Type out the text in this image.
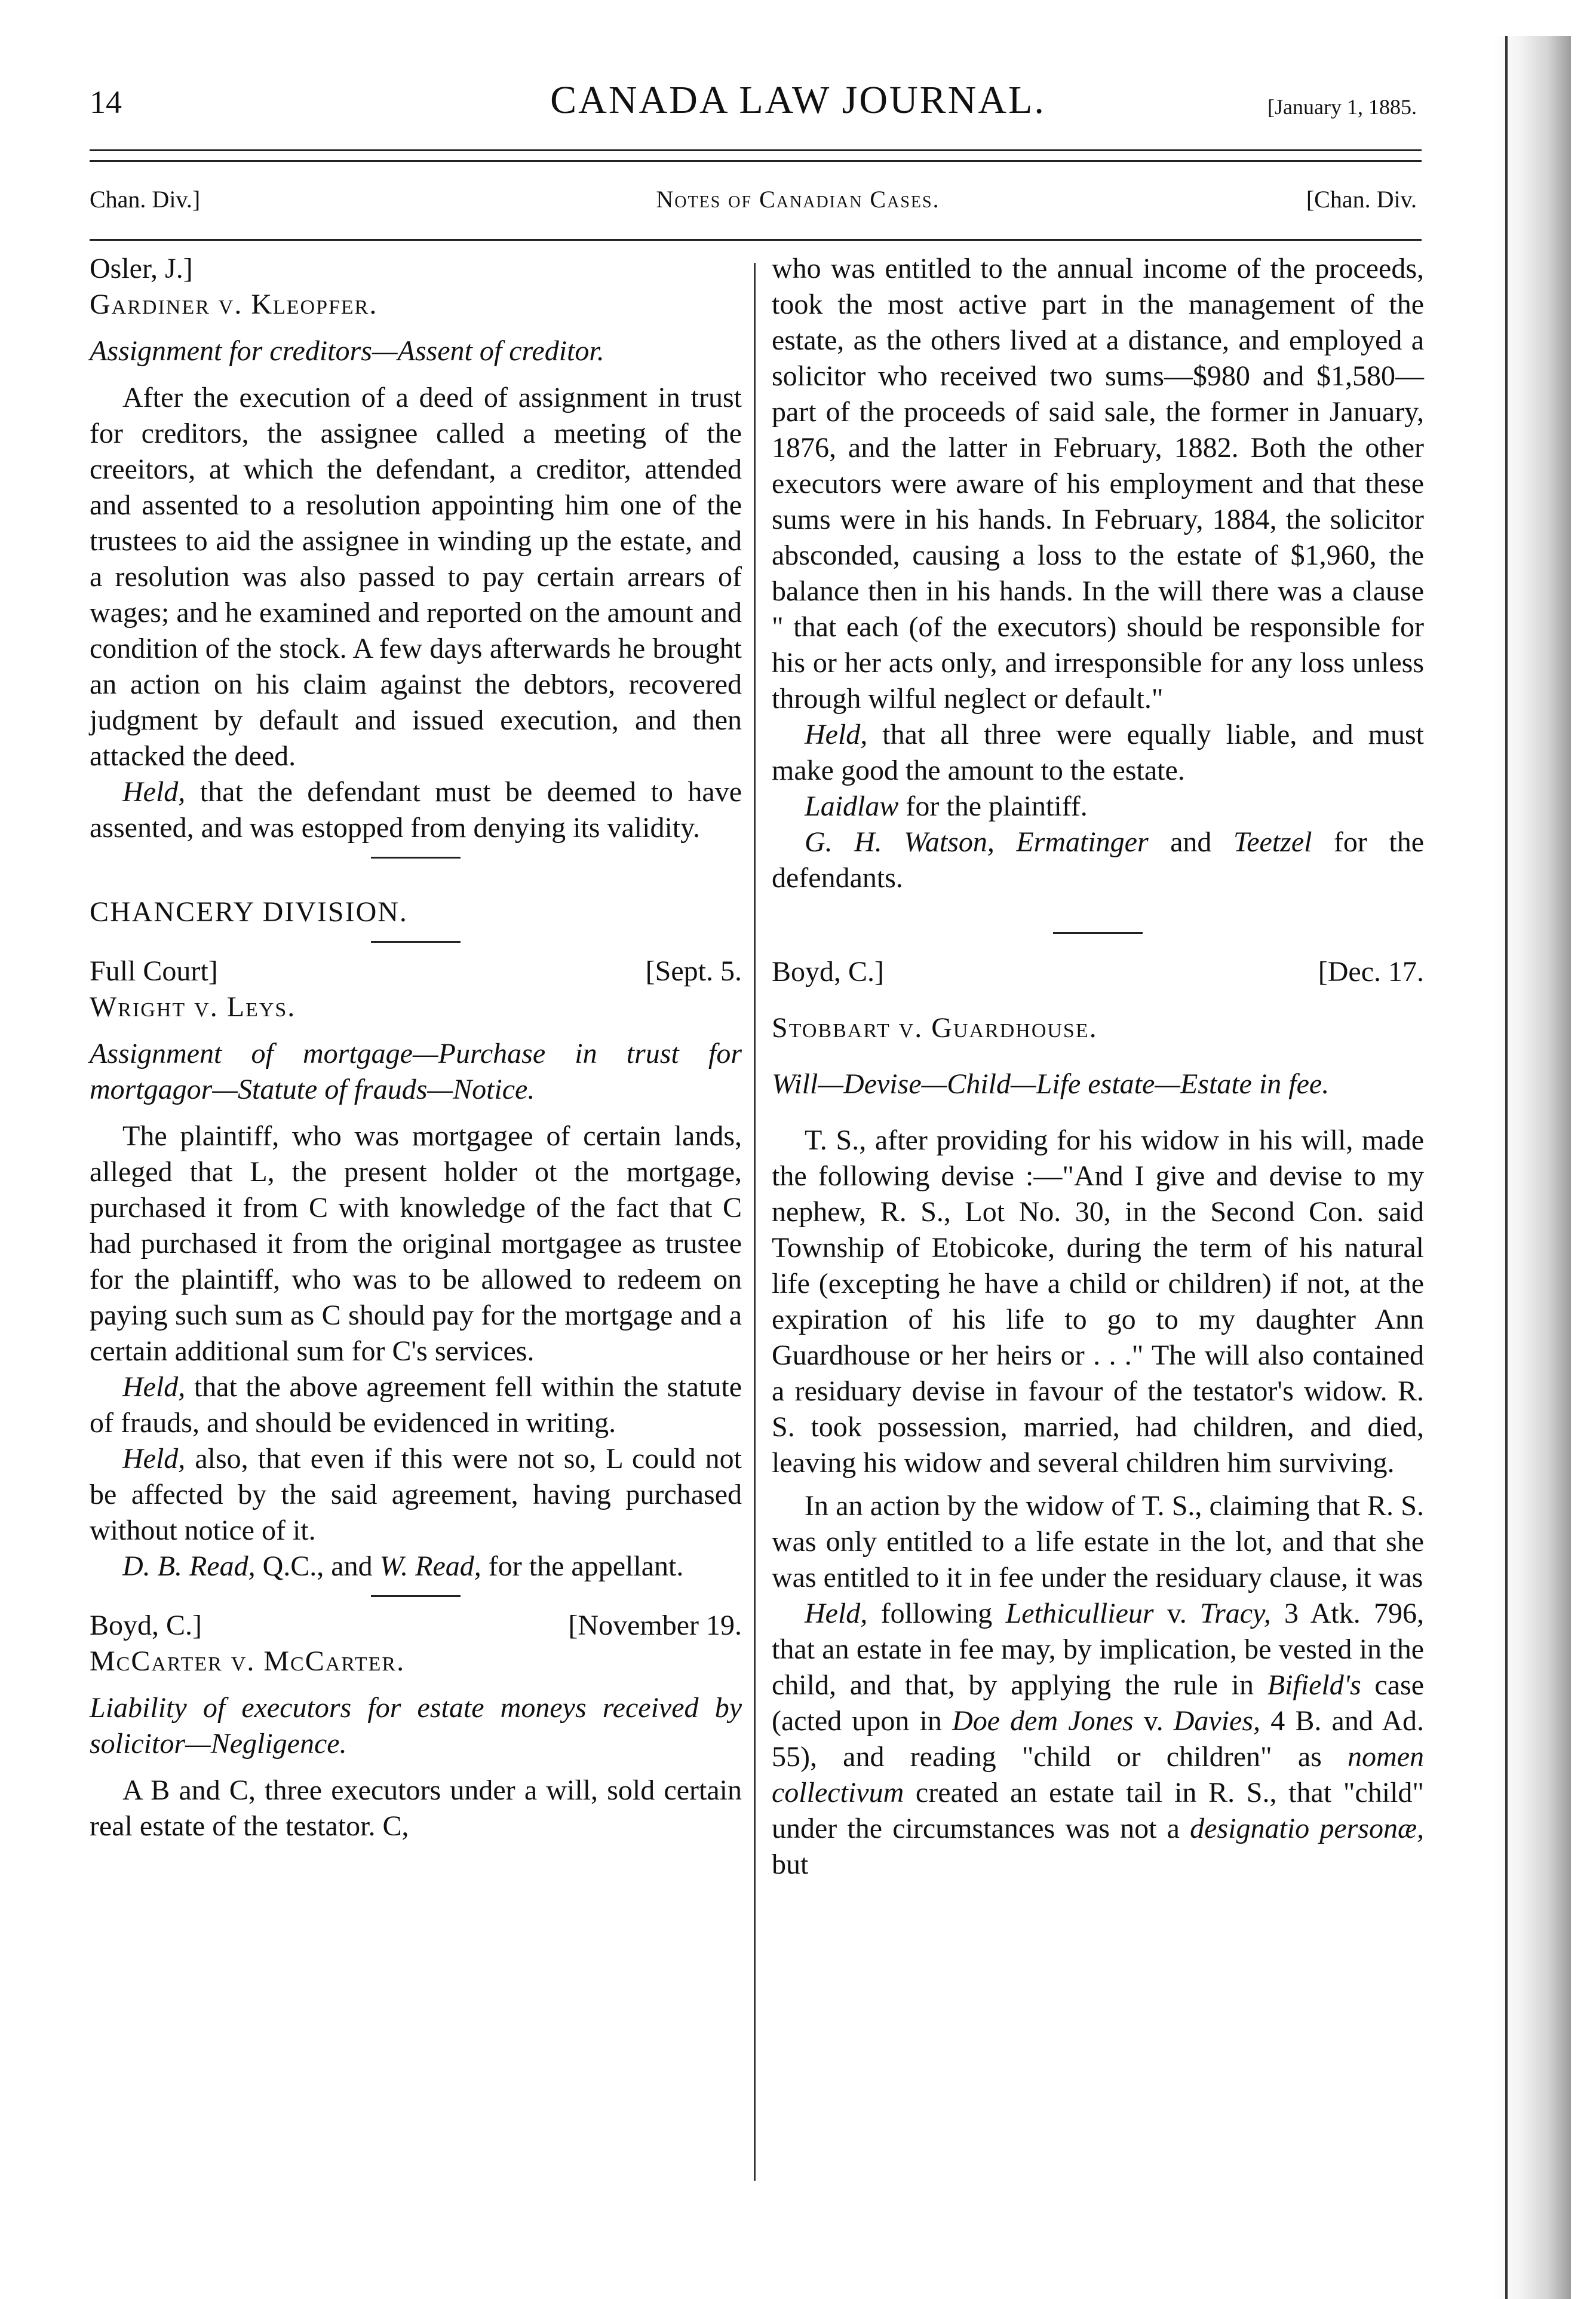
14	CANADA LAW JOURNAL.	[January 1, 1885.
Chan. Div.]	Notes of Canadian Cases.	[Chan. Div.

Osler, J.]

Gardiner v. Kleopfer.

Assignment for creditors—Assent of creditor.

After the execution of a deed of assignment in trust for creditors, the assignee called a meeting of the creeitors, at which the defendant, a creditor, attended and assented to a resolution appointing him one of the trustees to aid the assignee in winding up the estate, and a resolution was also passed to pay certain arrears of wages; and he examined and reported on the amount and condition of the stock. A few days afterwards he brought an action on his claim against the debtors, recovered judgment by default and issued execution, and then attacked the deed.

Held, that the defendant must be deemed to have assented, and was estopped from denying its validity.

CHANCERY DIVISION.

Full Court]	[Sept. 5.

Wright v. Leys.

Assignment of mortgage—Purchase in trust for mortgagor—Statute of frauds—Notice.

The plaintiff, who was mortgagee of certain lands, alleged that L, the present holder ot the mortgage, purchased it from C with knowledge of the fact that C had purchased it from the original mortgagee as trustee for the plaintiff, who was to be allowed to redeem on paying such sum as C should pay for the mortgage and a certain additional sum for C's services.

Held, that the above agreement fell within the statute of frauds, and should be evidenced in writing.

Held, also, that even if this were not so, L could not be affected by the said agreement, having purchased without notice of it.

D. B. Read, Q.C., and W. Read, for the appellant.

Boyd, C.]	[November 19.

McCarter v. McCarter.

Liability of executors for estate moneys received by solicitor—Negligence.

A B and C, three executors under a will, sold certain real estate of the testator. C,

who was entitled to the annual income of the proceeds, took the most active part in the management of the estate, as the others lived at a distance, and employed a solicitor who received two sums—$980 and $1,580—part of the proceeds of said sale, the former in January, 1876, and the latter in February, 1882. Both the other executors were aware of his employment and that these sums were in his hands. In February, 1884, the solicitor absconded, causing a loss to the estate of $1,960, the balance then in his hands. In the will there was a clause " that each (of the executors) should be responsible for his or her acts only, and irresponsible for any loss unless through wilful neglect or default."

Held, that all three were equally liable, and must make good the amount to the estate.

Laidlaw for the plaintiff.

G. H. Watson, Ermatinger and Teetzel for the defendants.

Boyd, C.]	[Dec. 17.

Stobbart v. Guardhouse.

Will—Devise—Child—Life estate—Estate in fee.

T. S., after providing for his widow in his will, made the following devise :—"And I give and devise to my nephew, R. S., Lot No. 30, in the Second Con. said Township of Etobicoke, during the term of his natural life (excepting he have a child or children) if not, at the expiration of his life to go to my daughter Ann Guardhouse or her heirs or . . ." The will also contained a residuary devise in favour of the testator's widow. R. S. took possession, married, had children, and died, leaving his widow and several children him surviving.

In an action by the widow of T. S., claiming that R. S. was only entitled to a life estate in the lot, and that she was entitled to it in fee under the residuary clause, it was

Held, following Lethicullieur v. Tracy, 3 Atk. 796, that an estate in fee may, by implication, be vested in the child, and that, by applying the rule in Bifield's case (acted upon in Doe dem Jones v. Davies, 4 B. and Ad. 55), and reading "child or children" as nomen collectivum created an estate tail in R. S., that "child" under the circumstances was not a designatio personæ, but
